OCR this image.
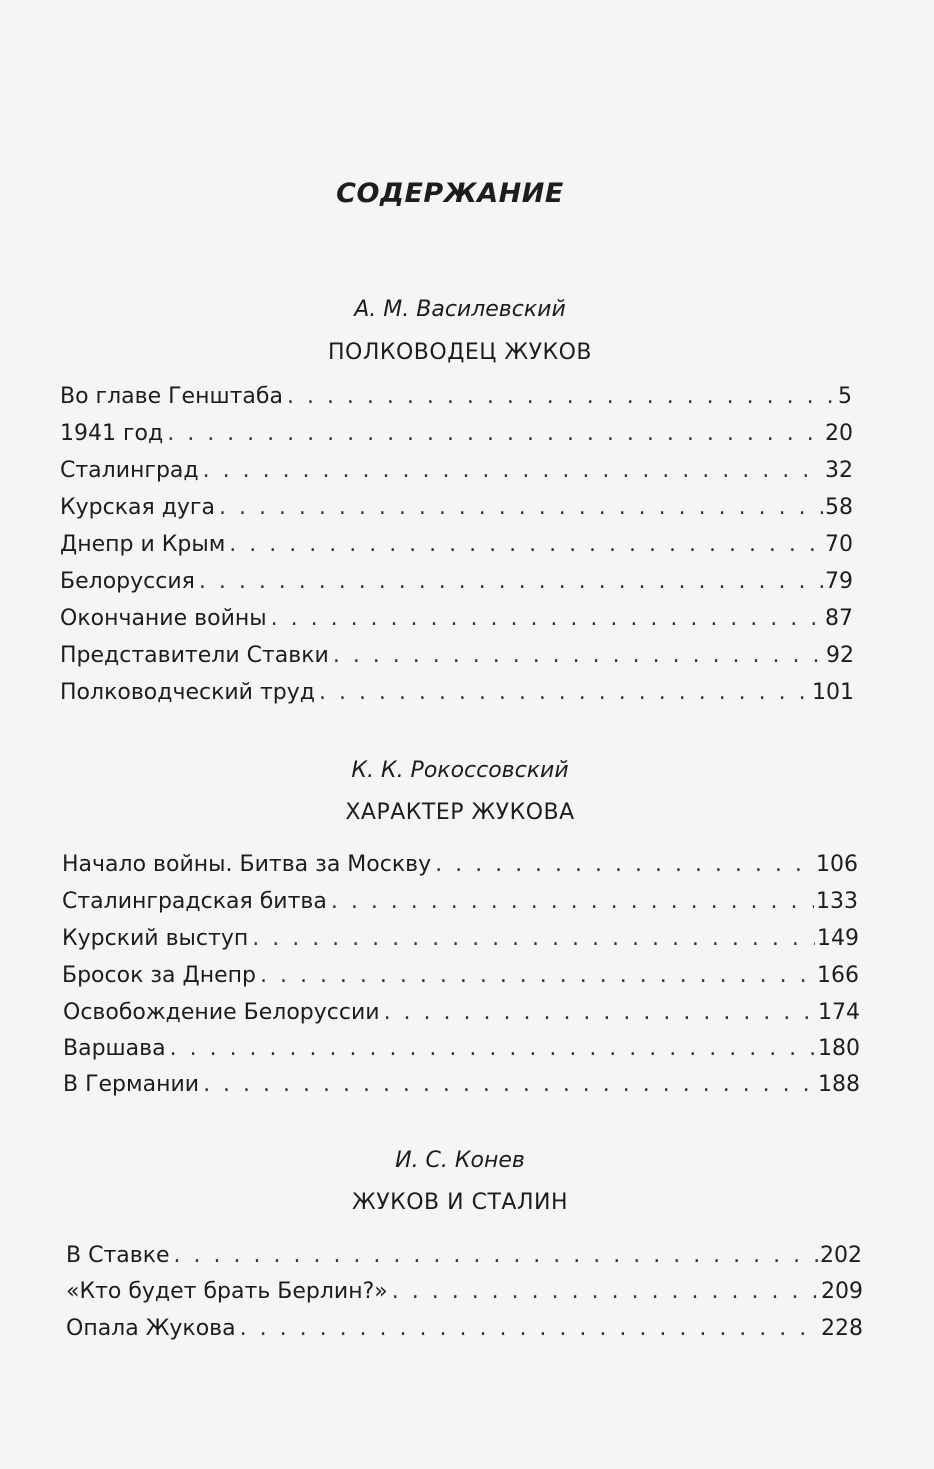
СОДЕРЖАНИЕ
А. М. Василевский
ПОЛКОВОДЕЦ ЖУКОВ
Во главе Генштаба . . .	5
1941 год . . .	20
Сталинград . . .	32
Курская дуга . . .	58
Днепр и Крым . . .	70
Белоруссия . . .	79
Окончание войны . . .	87
Представители Ставки . . .	92
Полководческий труд . . .	101
К. К. Рокоссовский
ХАРАКТЕР ЖУКОВА
Начало войны. Битва за Москву . . .	106
Сталинградская битва . . .	133
Курский выступ . . .	149
Бросок за Днепр . . .	166
Освобождение Белоруссии . . .	174
Варшава . . .	180
В Германии . . .	188
И. С. Конев
ЖУКОВ И СТАЛИН
В Ставке . . .	202
«Кто будет брать Берлин?» . . .	209
Опала Жукова . . .	228
